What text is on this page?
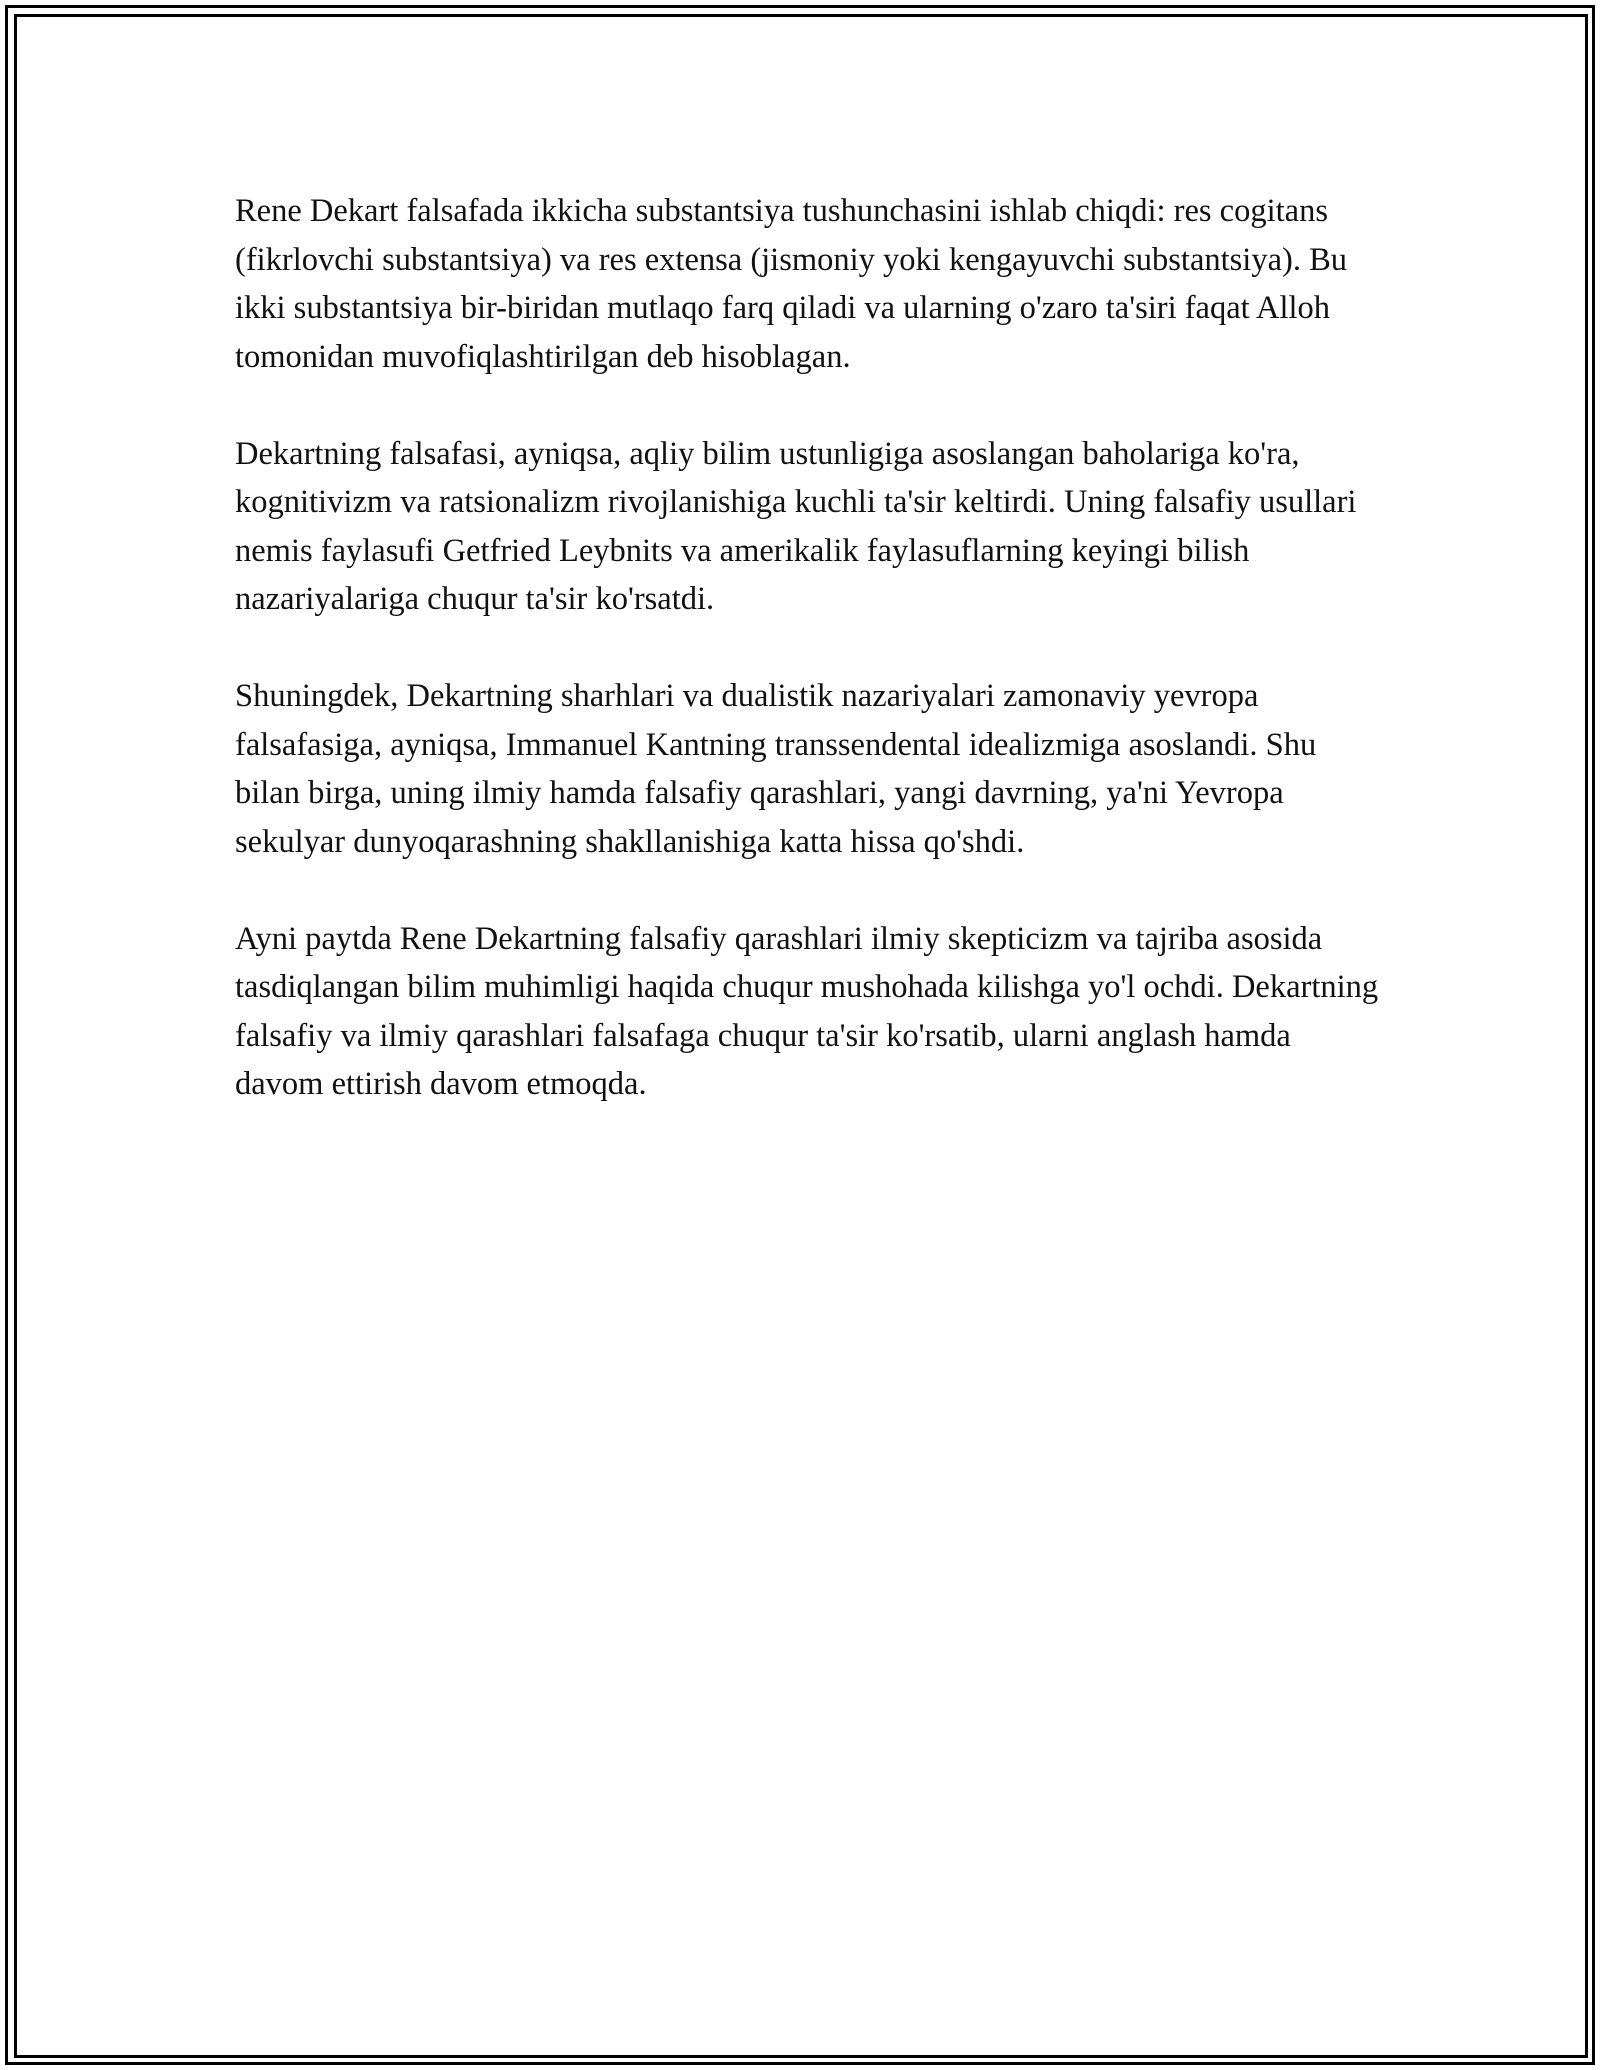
Rene Dekart falsafada ikkicha substantsiya tushunchasini ishlab chiqdi: res cogitans (fikrlovchi substantsiya) va res extensa (jismoniy yoki kengayuvchi substantsiya). Bu ikki substantsiya bir-biridan mutlaqo farq qiladi va ularning o'zaro ta'siri faqat Alloh tomonidan muvofiqlashtirilgan deb hisoblagan.

Dekartning falsafasi, ayniqsa, aqliy bilim ustunligiga asoslangan baholariga ko'ra, kognitivizm va ratsionalizm rivojlanishiga kuchli ta'sir keltirdi. Uning falsafiy usullari nemis faylasufi Getfried Leybnits va amerikalik faylasuflarning keyingi bilish nazariyalariga chuqur ta'sir ko'rsatdi.

Shuningdek, Dekartning sharhlari va dualistik nazariyalari zamonaviy yevropa falsafasiga, ayniqsa, Immanuel Kantning transsendental idealizmiga asoslandi. Shu bilan birga, uning ilmiy hamda falsafiy qarashlari, yangi davrning, ya'ni Yevropa sekulyar dunyoqarashning shakllanishiga katta hissa qo'shdi.

Ayni paytda Rene Dekartning falsafiy qarashlari ilmiy skepticizm va tajriba asosida tasdiqlangan bilim muhimligi haqida chuqur mushohada kilishga yo'l ochdi. Dekartning falsafiy va ilmiy qarashlari falsafaga chuqur ta'sir ko'rsatib, ularni anglash hamda davom ettirish davom etmoqda.
